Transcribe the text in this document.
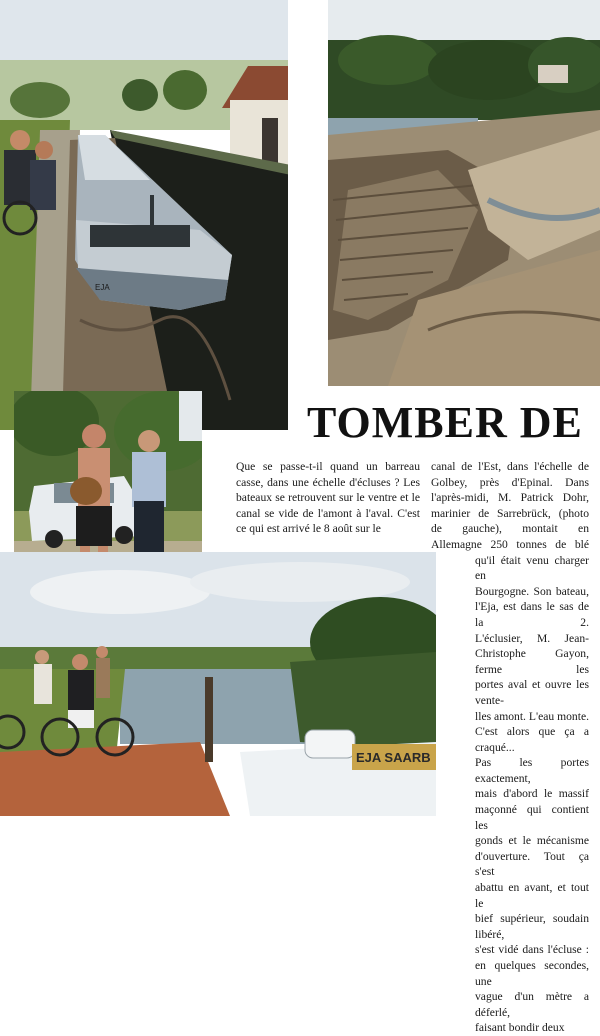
EJA
TOMBER DE
EJA SAARB

Que se passe-t-il quand un barreau casse, dans une échelle d'écluses ? Les bateaux se retrouvent sur le ventre et le canal se vide de l'amont à l'aval. C'est ce qui est arrivé le 8 août sur le

canal de l'Est, dans l'échelle de
Golbey, près d'Epinal. Dans
l'après-midi, M. Patrick Dohr,
marinier de Sarrebrück, (photo
de gauche), montait en
Allemagne 250 tonnes de blé
qu'il était venu charger en
Bourgogne. Son bateau,
l'Eja, est dans le sas de la 2.
L'éclusier, M. Jean-
Christophe Gayon, ferme les
portes aval et ouvre les vente-
lles amont. L'eau monte.
C'est alors que ça a craqué...
Pas les portes exactement,
mais d'abord le massif
maçonné qui contient les
gonds et le mécanisme
d'ouverture. Tout ça s'est
abattu en avant, et tout le
bief supérieur, soudain libéré,
s'est vidé dans l'écluse :
en quelques secondes, une
vague d'un mètre a déferlé,
faisant bondir deux
